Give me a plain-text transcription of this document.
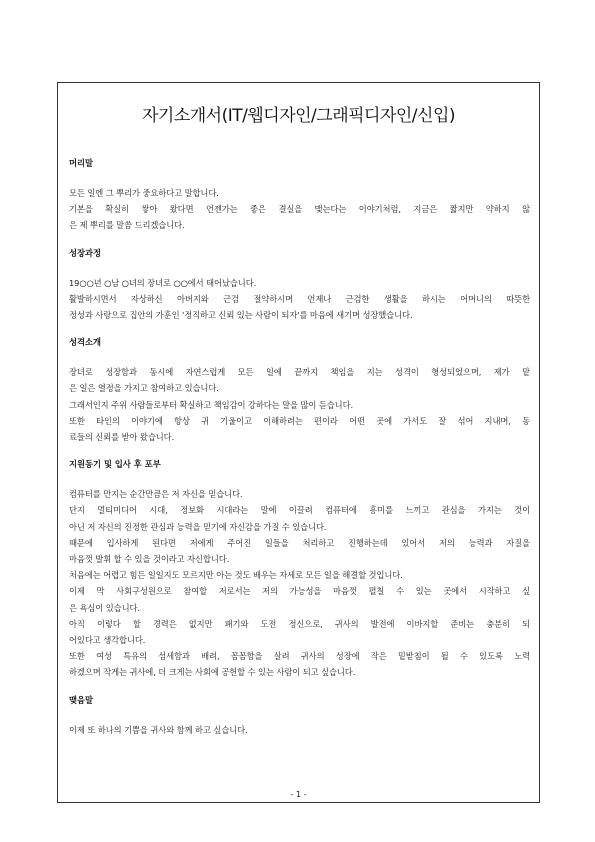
자기소개서(IT/웹디자인/그래픽디자인/신입)
머리말
모든 일엔 그 뿌리가 중요하다고 말합니다.
기본을 확실히 쌓아 왔다면 언젠가는 좋은 결실을 맺는다는 이야기처럼, 지금은 짧지만 약하지 않
은 제 뿌리를 말씀 드리겠습니다.
성장과정
19○○년 ○남 ○녀의 장녀로 ○○에서 태어났습니다.
활발하시면서 자상하신 아버지와 근검 절약하시며 언제나 근검한 생활을 하시는 어머니의 따뜻한
정성과 사랑으로 집안의 가훈인 '정직하고 신뢰 있는 사람이 되자'를 마음에 새기며 성장했습니다.
성격소개
장녀로 성장함과 동시에 자연스럽게 모든 일에 끝까지 책임을 지는 성격이 형성되었으며, 제가 맡
은 일은 열정을 가지고 참여하고 있습니다.
그래서인지 주위 사람들로부터 확실하고 책임감이 강하다는 말을 많이 듣습니다.
또한 타인의 이야기에 항상 귀 기울이고 이해하려는 편이라 어떤 곳에 가서도 잘 섞어 지내며, 동
료들의 신뢰를 받아 왔습니다.
지원동기 및 입사 후 포부
컴퓨터를 만지는 순간만큼은 저 자신을 믿습니다.
단지 멀티미디어 시대, 정보화 시대라는 말에 이끌려 컴퓨터에 흥미를 느끼고 관심을 가지는 것이
아닌 저 자신의 진정한 관심과 능력을 믿기에 자신감을 가질 수 있습니다.
때문에 입사하게 된다면 저에게 주어진 일들을 처리하고 진행하는데 있어서 저의 능력과 자질을
마음껏 발휘 할 수 있을 것이라고 자신합니다.
처음에는 어렵고 힘든 일일지도 모르지만 아는 것도 배우는 자세로 모든 일을 해결할 것입니다.
이제 막 사회구성원으로 참여할 저로서는 저의 가능성을 마음껏 펼칠 수 있는 곳에서 시작하고 싶
은 욕심이 있습니다.
아직 이렇다 할 경력은 없지만 패기와 도전 정신으로, 귀사의 발전에 이바지할 준비는 충분히 되
어있다고 생각합니다.
또한 여성 특유의 섬세함과 배려, 꼼꼼함을 살려 귀사의 성장에 작은 밑받침이 될 수 있도록 노력
하겠으며 작게는 귀사에, 더 크게는 사회에 공헌할 수 있는 사람이 되고 싶습니다.
맺음말
이제 또 하나의 기쁨을 귀사와 함께 하고 싶습니다.
- 1 -
